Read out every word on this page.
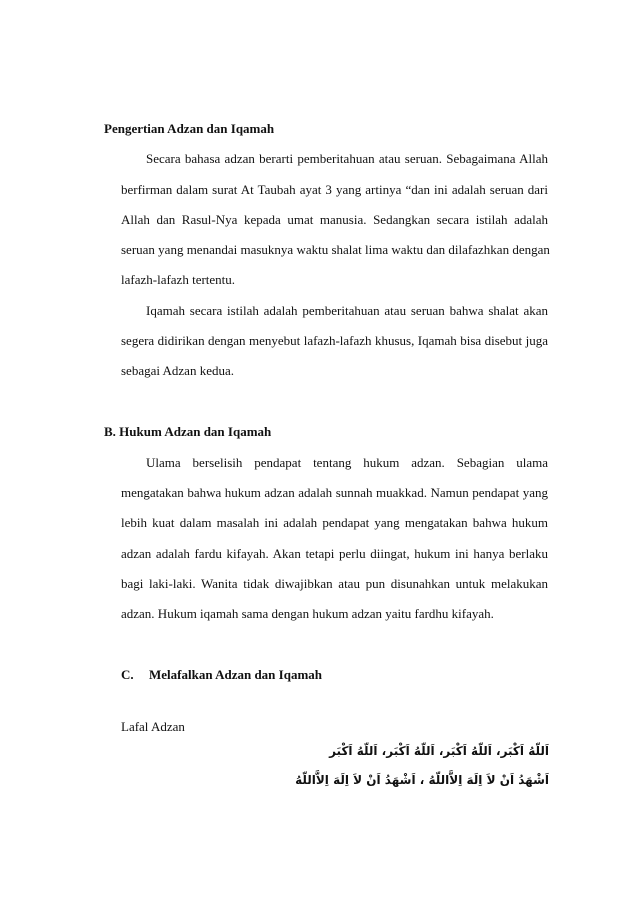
Pengertian Adzan dan Iqamah
Secara bahasa adzan berarti pemberitahuan atau seruan. Sebagaimana Allah
berfirman dalam surat At Taubah ayat 3 yang artinya “dan ini adalah seruan dari
Allah dan Rasul-Nya kepada umat manusia. Sedangkan secara istilah adalah
seruan yang menandai masuknya waktu shalat lima waktu dan dilafazhkan dengan
lafazh-lafazh tertentu.
Iqamah secara istilah adalah pemberitahuan atau seruan bahwa shalat akan
segera didirikan dengan menyebut lafazh-lafazh khusus, Iqamah bisa disebut juga
sebagai Adzan kedua.
B. Hukum Adzan dan Iqamah
Ulama berselisih pendapat tentang hukum adzan. Sebagian ulama
mengatakan bahwa hukum adzan adalah sunnah muakkad. Namun pendapat yang
lebih kuat dalam masalah ini adalah pendapat yang mengatakan bahwa hukum
adzan adalah fardu kifayah. Akan tetapi perlu diingat, hukum ini hanya berlaku
bagi laki-laki. Wanita tidak diwajibkan atau pun disunahkan untuk melakukan
adzan. Hukum iqamah sama dengan hukum adzan yaitu fardhu kifayah.
C. Melafalkan Adzan dan Iqamah
Lafal Adzan
اَللّهُ اَكْبَر، اَللّهُ اَكْبَر، اَللّهُ اَكْبَر، اَللّهُ اَكْبَر
اَشْهَدُ اَنْ لاَ اِلَهَ اِلاَّاللّهُ ، اَشْهَدُ اَنْ لاَ اِلَهَ اِلاَّاللّهُ
